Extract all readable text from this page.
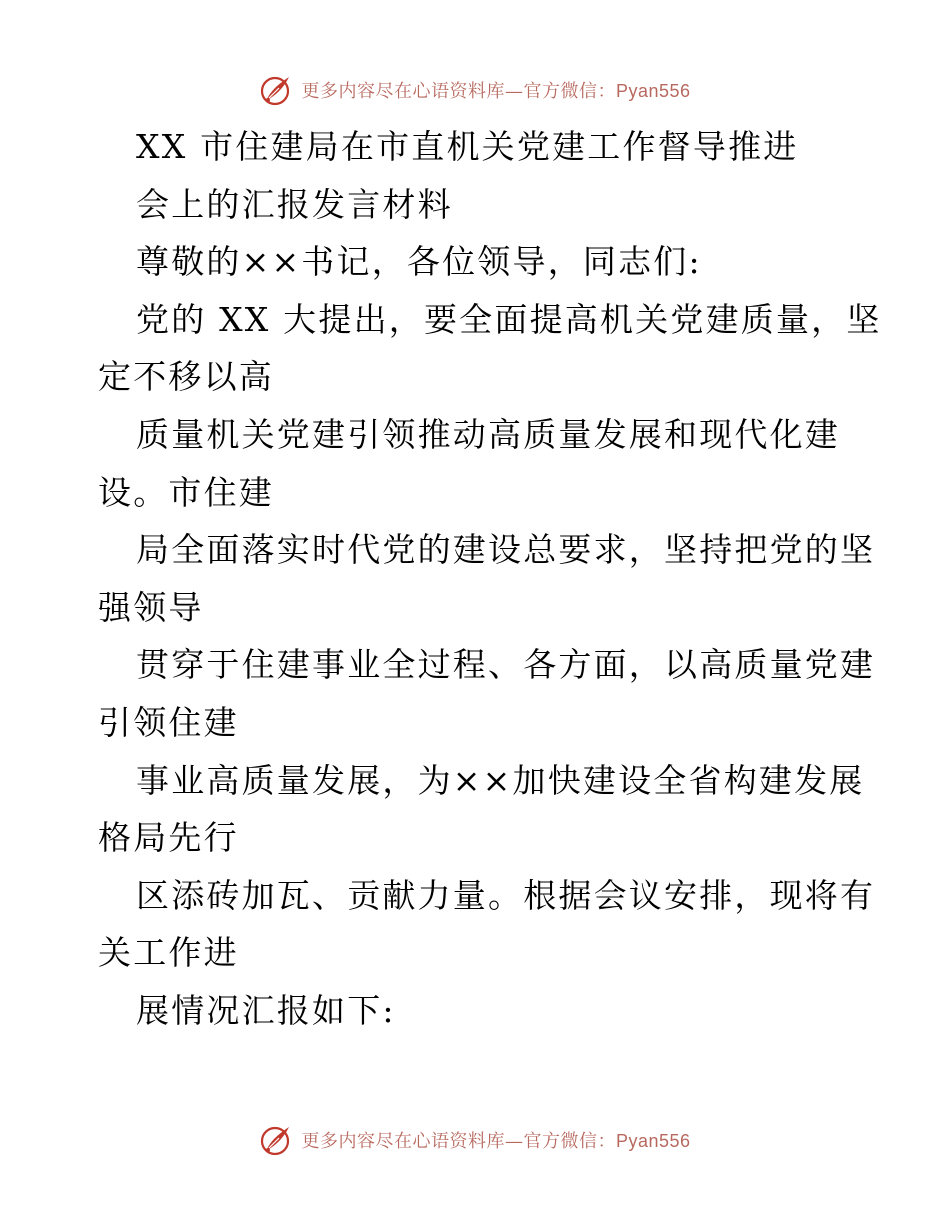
更多内容尽在心语资料库—官方微信：Pyan556
XX 市住建局在市直机关党建工作督导推进
会上的汇报发言材料
尊敬的××书记，各位领导，同志们:
党的 XX 大提出，要全面提高机关党建质量，坚
定不移以高
质量机关党建引领推动高质量发展和现代化建
设。市住建
局全面落实时代党的建设总要求，坚持把党的坚
强领导
贯穿于住建事业全过程、各方面，以高质量党建
引领住建
事业高质量发展，为××加快建设全省构建发展
格局先行
区添砖加瓦、贡献力量。根据会议安排，现将有
关工作进
展情况汇报如下:
更多内容尽在心语资料库—官方微信：Pyan556
